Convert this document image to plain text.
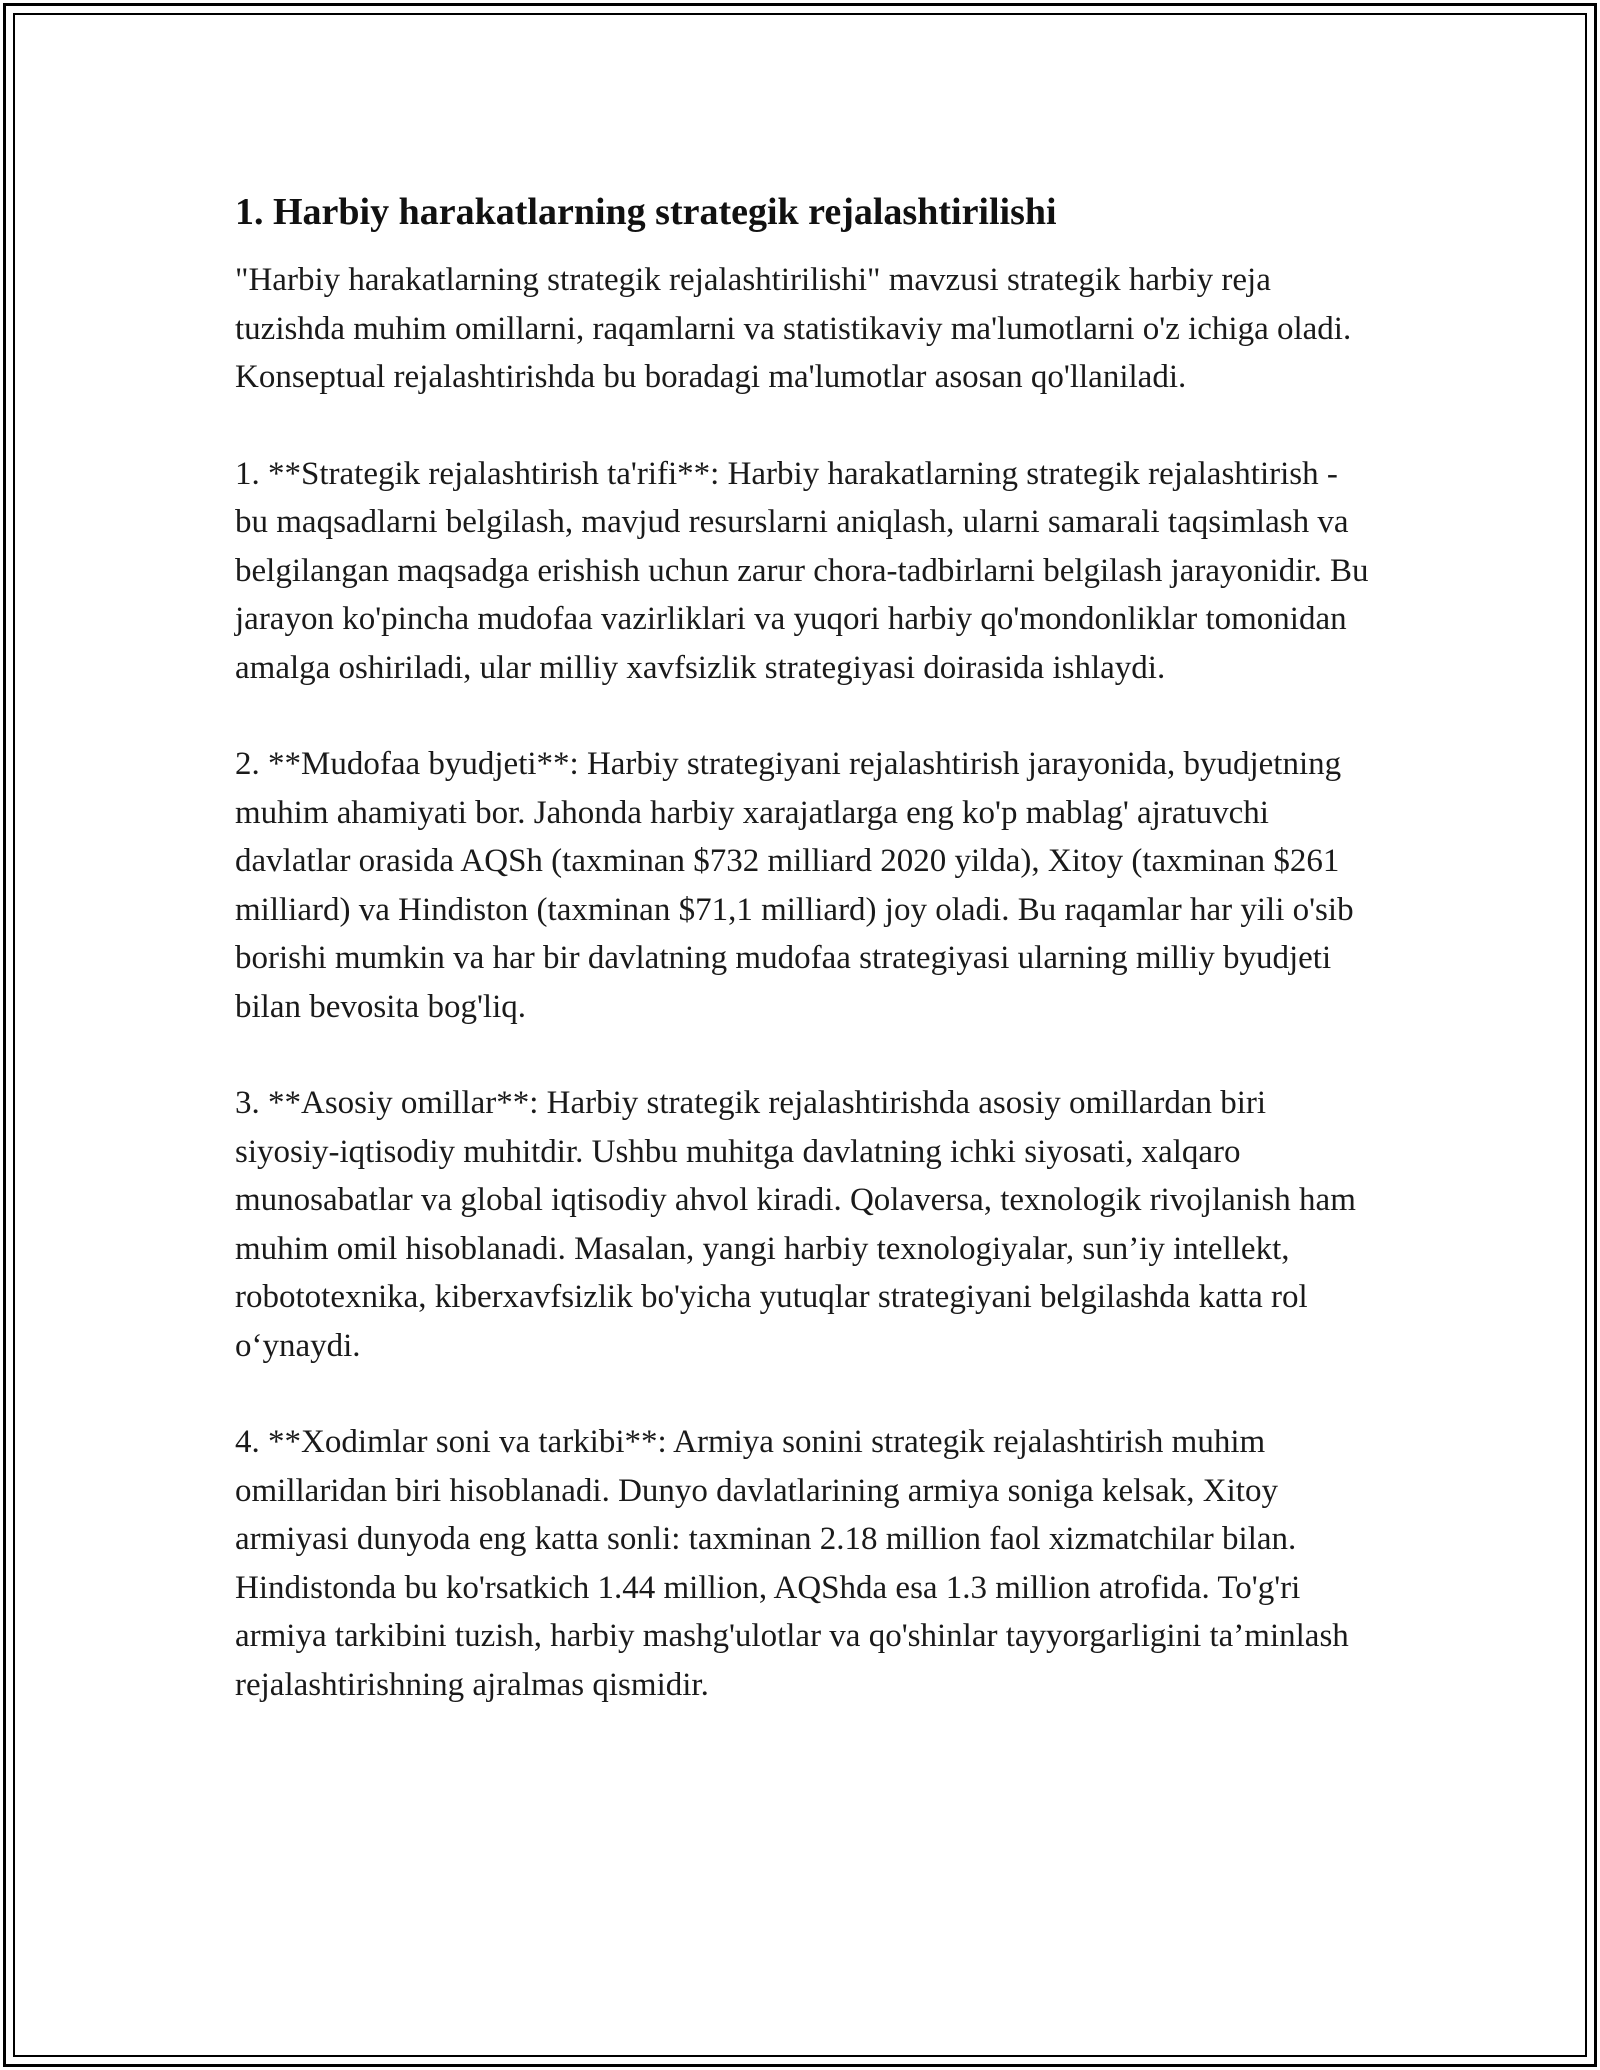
1. Harbiy harakatlarning strategik rejalashtirilishi

"Harbiy harakatlarning strategik rejalashtirilishi" mavzusi strategik harbiy reja tuzishda muhim omillarni, raqamlarni va statistikaviy ma'lumotlarni o'z ichiga oladi. Konseptual rejalashtirishda bu boradagi ma'lumotlar asosan qo'llaniladi.

1. **Strategik rejalashtirish ta'rifi**: Harbiy harakatlarning strategik rejalashtirish - bu maqsadlarni belgilash, mavjud resurslarni aniqlash, ularni samarali taqsimlash va belgilangan maqsadga erishish uchun zarur chora-tadbirlarni belgilash jarayonidir. Bu jarayon ko'pincha mudofaa vazirliklari va yuqori harbiy qo'mondonliklar tomonidan amalga oshiriladi, ular milliy xavfsizlik strategiyasi doirasida ishlaydi.

2. **Mudofaa byudjeti**: Harbiy strategiyani rejalashtirish jarayonida, byudjetning muhim ahamiyati bor. Jahonda harbiy xarajatlarga eng ko'p mablag' ajratuvchi davlatlar orasida AQSh (taxminan $732 milliard 2020 yilda), Xitoy (taxminan $261 milliard) va Hindiston (taxminan $71,1 milliard) joy oladi. Bu raqamlar har yili o'sib borishi mumkin va har bir davlatning mudofaa strategiyasi ularning milliy byudjeti bilan bevosita bog'liq.

3. **Asosiy omillar**: Harbiy strategik rejalashtirishda asosiy omillardan biri siyosiy-iqtisodiy muhitdir. Ushbu muhitga davlatning ichki siyosati, xalqaro munosabatlar va global iqtisodiy ahvol kiradi. Qolaversa, texnologik rivojlanish ham muhim omil hisoblanadi. Masalan, yangi harbiy texnologiyalar, sun’iy intellekt, robototexnika, kiberxavfsizlik bo'yicha yutuqlar strategiyani belgilashda katta rol o‘ynaydi.

4. **Xodimlar soni va tarkibi**: Armiya sonini strategik rejalashtirish muhim omillaridan biri hisoblanadi. Dunyo davlatlarining armiya soniga kelsak, Xitoy armiyasi dunyoda eng katta sonli: taxminan 2.18 million faol xizmatchilar bilan. Hindistonda bu ko'rsatkich 1.44 million, AQShda esa 1.3 million atrofida. To'g'ri armiya tarkibini tuzish, harbiy mashg'ulotlar va qo'shinlar tayyorgarligini ta’minlash rejalashtirishning ajralmas qismidir.
